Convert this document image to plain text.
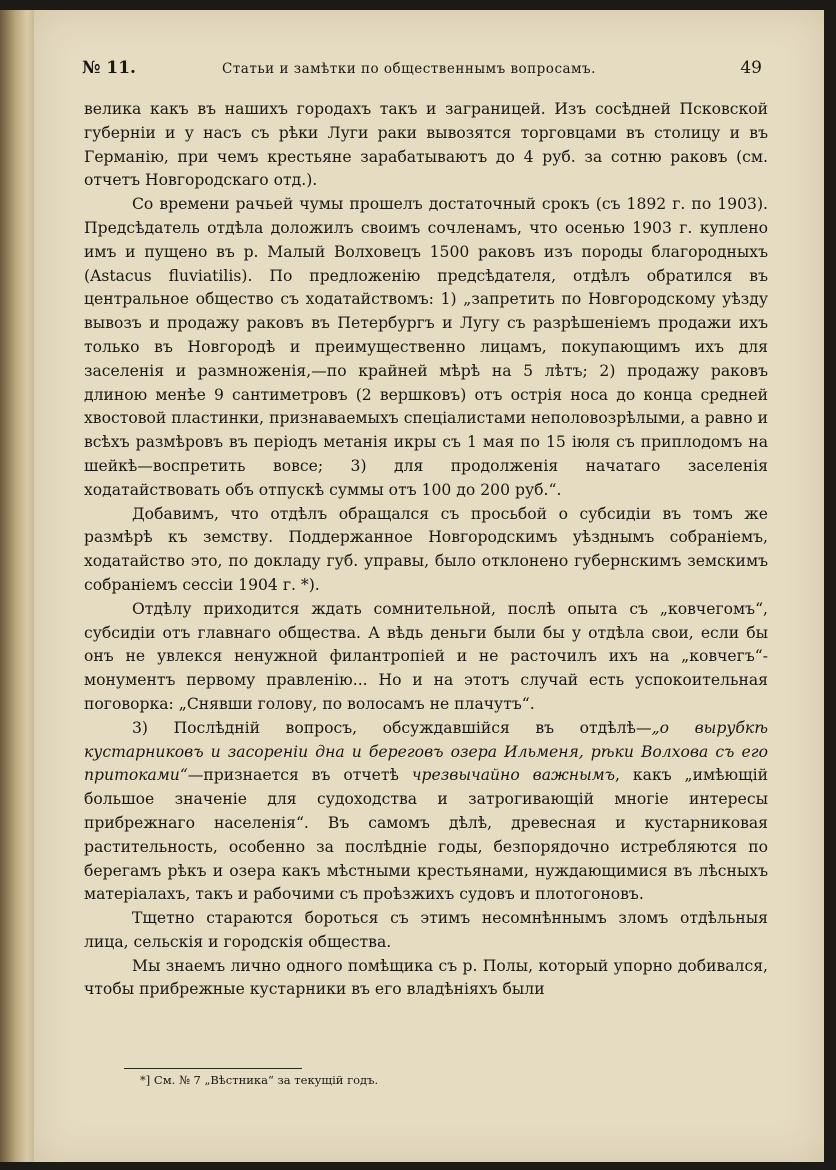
№ 11.	Статьи и замѣтки по общественнымъ вопросамъ.	49

велика какъ въ нашихъ городахъ такъ и заграницей. Изъ сосѣдней Псковской губерніи и у насъ съ рѣки Луги раки вывозятся торговцами въ столицу и въ Германію, при чемъ крестьяне зарабатываютъ до 4 руб. за сотню раковъ (см. отчетъ Новгородскаго отд.).

Со времени рачьей чумы прошелъ достаточный срокъ (съ 1892 г. по 1903). Предсѣдатель отдѣла доложилъ своимъ сочленамъ, что осенью 1903 г. куплено имъ и пущено въ р. Малый Волховецъ 1500 раковъ изъ породы благородныхъ (Astacus fluviatilis). По предложенію предсѣдателя, отдѣлъ обратился въ центральное общество съ ходатайствомъ: 1) „запретить по Новгородскому уѣзду вывозъ и продажу раковъ въ Петербургъ и Лугу съ разрѣшеніемъ продажи ихъ только въ Новгородѣ и преимущественно лицамъ, покупающимъ ихъ для заселенія и размноженія,—по крайней мѣрѣ на 5 лѣтъ; 2) продажу раковъ длиною менѣе 9 сантиметровъ (2 вершковъ) отъ острія носа до конца средней хвостовой пластинки, признаваемыхъ спеціалистами неполовозрѣлыми, а равно и всѣхъ размѣровъ въ періодъ метанія икры съ 1 мая по 15 іюля съ приплодомъ на шейкѣ—воспретить вовсе; 3) для продолженія начатаго заселенія ходатайствовать объ отпускѣ суммы отъ 100 до 200 руб.“.

Добавимъ, что отдѣлъ обращался съ просьбой о субсидіи въ томъ же размѣрѣ къ земству. Поддержанное Новгородскимъ уѣзднымъ собраніемъ, ходатайство это, по докладу губ. управы, было отклонено губернскимъ земскимъ собраніемъ сессіи 1904 г. *).

Отдѣлу приходится ждать сомнительной, послѣ опыта съ „ковчегомъ“, субсидіи отъ главнаго общества. А вѣдь деньги были бы у отдѣла свои, если бы онъ не увлекся ненужной филантропіей и не расточилъ ихъ на „ковчегъ“-монументъ первому правленію... Но и на этотъ случай есть успокоительная поговорка: „Снявши голову, по волосамъ не плачутъ“.

3) Послѣдній вопросъ, обсуждавшійся въ отдѣлѣ—„о вырубкѣ кустарниковъ и засореніи дна и береговъ озера Ильменя, рѣки Волхова съ его притоками“—признается въ отчетѣ чрезвычайно важнымъ, какъ „имѣющій большое значеніе для судоходства и затрогивающій многіе интересы прибрежнаго населенія“. Въ самомъ дѣлѣ, древесная и кустарниковая растительность, особенно за послѣдніе годы, безпорядочно истребляются по берегамъ рѣкъ и озера какъ мѣстными крестьянами, нуждающимися въ лѣсныхъ матеріалахъ, такъ и рабочими съ проѣзжихъ судовъ и плотогоновъ.

Тщетно стараются бороться съ этимъ несомнѣннымъ зломъ отдѣльныя лица, сельскія и городскія общества.

Мы знаемъ лично одного помѣщика съ р. Полы, который упорно добивался, чтобы прибрежные кустарники въ его владѣніяхъ были

*] См. № 7 „Вѣстника“ за текущій годъ.
